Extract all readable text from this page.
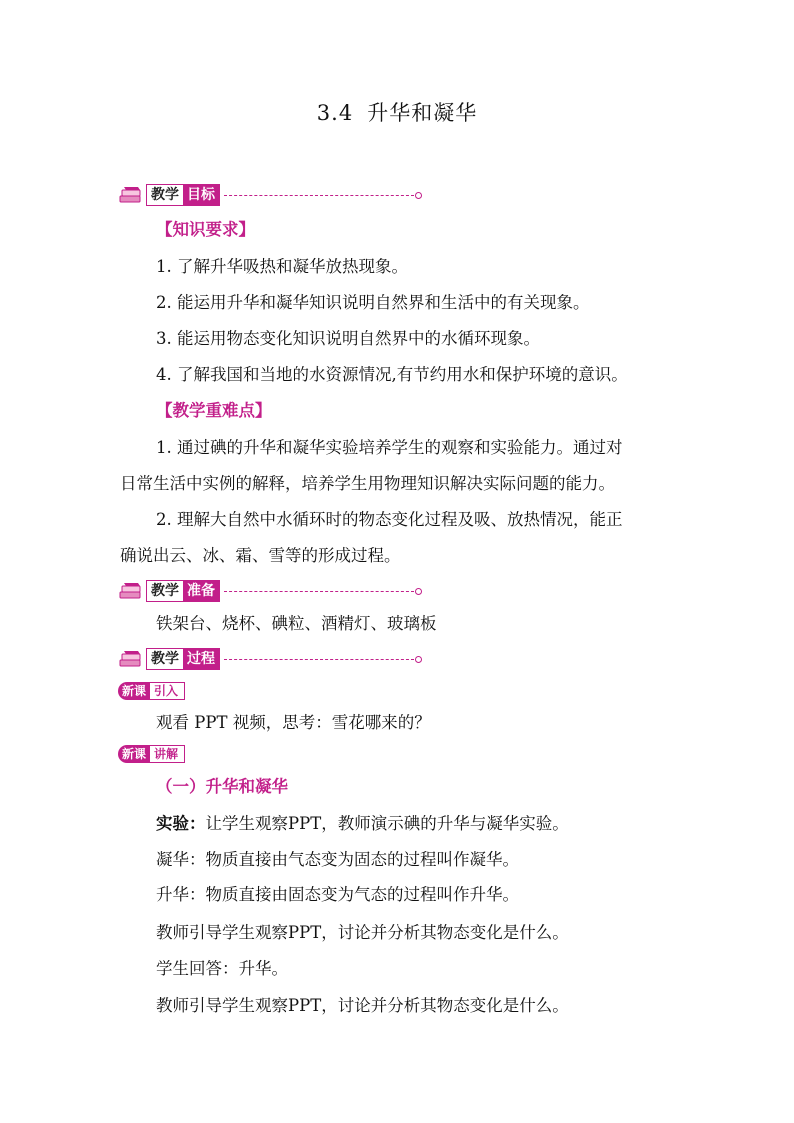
3.4 升华和凝华
教学 目标
【知识要求】
1. 了解升华吸热和凝华放热现象。
2. 能运用升华和凝华知识说明自然界和生活中的有关现象。
3. 能运用物态变化知识说明自然界中的水循环现象。
4. 了解我国和当地的水资源情况,有节约用水和保护环境的意识。
【教学重难点】
1. 通过碘的升华和凝华实验培养学生的观察和实验能力。通过对
日常生活中实例的解释，培养学生用物理知识解决实际问题的能力。
2. 理解大自然中水循环时的物态变化过程及吸、放热情况，能正
确说出云、冰、霜、雪等的形成过程。
教学 准备
铁架台、烧杯、碘粒、酒精灯、玻璃板
教学 过程
新课 引入
观看 PPT 视频，思考：雪花哪来的？
新课 讲解
（一）升华和凝华
实验：让学生观察PPT，教师演示碘的升华与凝华实验。
凝华：物质直接由气态变为固态的过程叫作凝华。
升华：物质直接由固态变为气态的过程叫作升华。
教师引导学生观察PPT，讨论并分析其物态变化是什么。
学生回答：升华。
教师引导学生观察PPT，讨论并分析其物态变化是什么。
